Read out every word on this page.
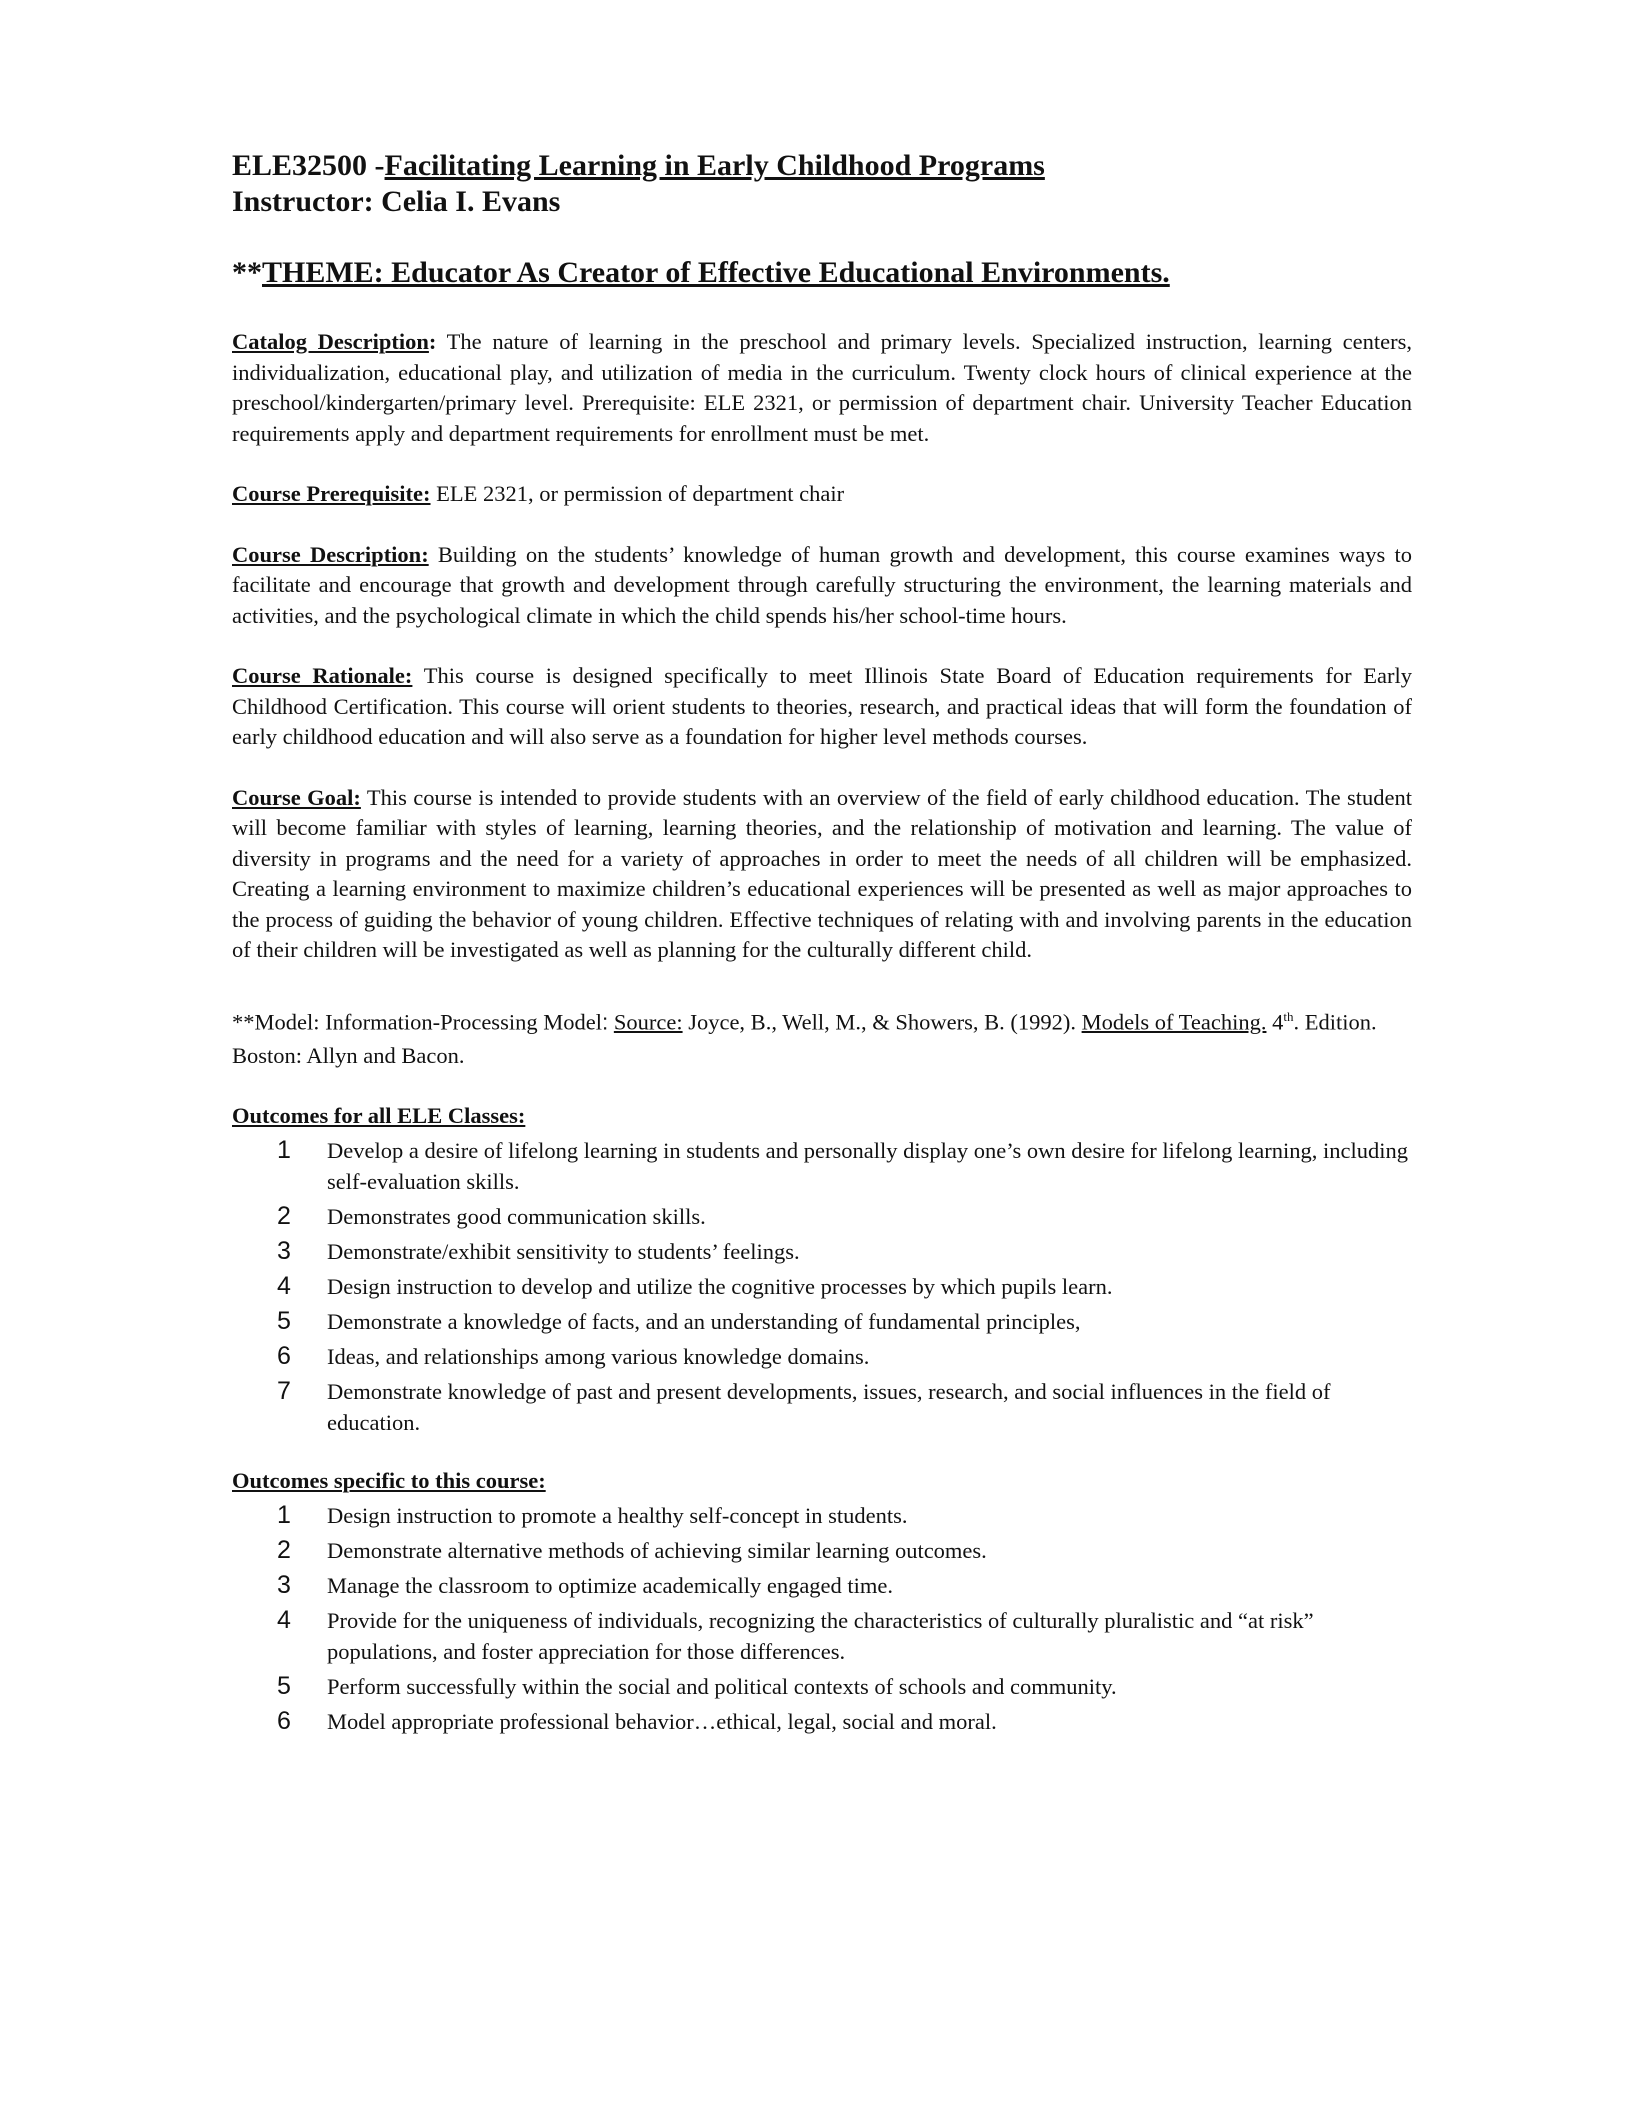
ELE32500 -Facilitating Learning in Early Childhood Programs

Instructor: Celia I. Evans

**THEME: Educator As Creator of Effective Educational Environments.

Catalog Description: The nature of learning in the preschool and primary levels. Specialized instruction, learning centers, individualization, educational play, and utilization of media in the curriculum. Twenty clock hours of clinical experience at the preschool/kindergarten/primary level. Prerequisite: ELE 2321, or permission of department chair. University Teacher Education requirements apply and department requirements for enrollment must be met.

Course Prerequisite: ELE 2321, or permission of department chair

Course Description: Building on the students’ knowledge of human growth and development, this course examines ways to facilitate and encourage that growth and development through carefully structuring the environment, the learning materials and activities, and the psychological climate in which the child spends his/her school-time hours.

Course Rationale: This course is designed specifically to meet Illinois State Board of Education requirements for Early Childhood Certification. This course will orient students to theories, research, and practical ideas that will form the foundation of early childhood education and will also serve as a foundation for higher level methods courses.

Course Goal: This course is intended to provide students with an overview of the field of early childhood education. The student will become familiar with styles of learning, learning theories, and the relationship of motivation and learning. The value of diversity in programs and the need for a variety of approaches in order to meet the needs of all children will be emphasized. Creating a learning environment to maximize children’s educational experiences will be presented as well as major approaches to the process of guiding the behavior of young children. Effective techniques of relating with and involving parents in the education of their children will be investigated as well as planning for the culturally different child.

**Model: Information-Processing Model: Source: Joyce, B., Well, M., & Showers, B. (1992). Models of Teaching. 4th. Edition. Boston: Allyn and Bacon.

Outcomes for all ELE Classes:

1 Develop a desire of lifelong learning in students and personally display one’s own desire for lifelong learning, including self-evaluation skills.
2 Demonstrates good communication skills.
3 Demonstrate/exhibit sensitivity to students’ feelings.
4 Design instruction to develop and utilize the cognitive processes by which pupils learn.
5 Demonstrate a knowledge of facts, and an understanding of fundamental principles,
6 Ideas, and relationships among various knowledge domains.
7 Demonstrate knowledge of past and present developments, issues, research, and social influences in the field of education.

Outcomes specific to this course:

1 Design instruction to promote a healthy self-concept in students.
2 Demonstrate alternative methods of achieving similar learning outcomes.
3 Manage the classroom to optimize academically engaged time.
4 Provide for the uniqueness of individuals, recognizing the characteristics of culturally pluralistic and “at risk” populations, and foster appreciation for those differences.
5 Perform successfully within the social and political contexts of schools and community.
6 Model appropriate professional behavior…ethical, legal, social and moral.
